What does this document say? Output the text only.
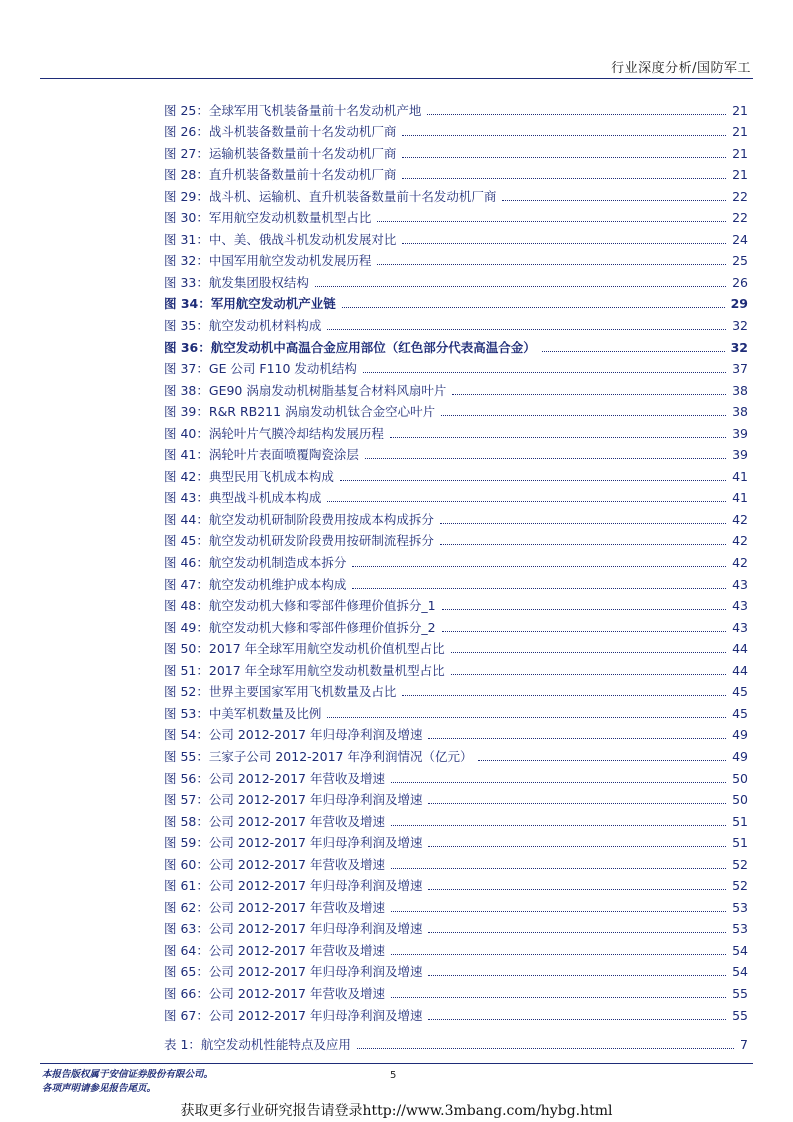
行业深度分析/国防军工
图 25：全球军用飞机装备量前十名发动机产地	21
图 26：战斗机装备数量前十名发动机厂商	21
图 27：运输机装备数量前十名发动机厂商	21
图 28：直升机装备数量前十名发动机厂商	21
图 29：战斗机、运输机、直升机装备数量前十名发动机厂商	22
图 30：军用航空发动机数量机型占比	22
图 31：中、美、俄战斗机发动机发展对比	24
图 32：中国军用航空发动机发展历程	25
图 33：航发集团股权结构	26
图 34：军用航空发动机产业链	29
图 35：航空发动机材料构成	32
图 36：航空发动机中高温合金应用部位（红色部分代表高温合金）	32
图 37：GE 公司 F110 发动机结构	37
图 38：GE90 涡扇发动机树脂基复合材料风扇叶片	38
图 39：R&R RB211 涡扇发动机钛合金空心叶片	38
图 40：涡轮叶片气膜冷却结构发展历程	39
图 41：涡轮叶片表面喷覆陶瓷涂层	39
图 42：典型民用飞机成本构成	41
图 43：典型战斗机成本构成	41
图 44：航空发动机研制阶段费用按成本构成拆分	42
图 45：航空发动机研发阶段费用按研制流程拆分	42
图 46：航空发动机制造成本拆分	42
图 47：航空发动机维护成本构成	43
图 48：航空发动机大修和零部件修理价值拆分_1	43
图 49：航空发动机大修和零部件修理价值拆分_2	43
图 50：2017 年全球军用航空发动机价值机型占比	44
图 51：2017 年全球军用航空发动机数量机型占比	44
图 52：世界主要国家军用飞机数量及占比	45
图 53：中美军机数量及比例	45
图 54：公司 2012-2017 年归母净利润及增速	49
图 55：三家子公司 2012-2017 年净利润情况（亿元）	49
图 56：公司 2012-2017 年营收及增速	50
图 57：公司 2012-2017 年归母净利润及增速	50
图 58：公司 2012-2017 年营收及增速	51
图 59：公司 2012-2017 年归母净利润及增速	51
图 60：公司 2012-2017 年营收及增速	52
图 61：公司 2012-2017 年归母净利润及增速	52
图 62：公司 2012-2017 年营收及增速	53
图 63：公司 2012-2017 年归母净利润及增速	53
图 64：公司 2012-2017 年营收及增速	54
图 65：公司 2012-2017 年归母净利润及增速	54
图 66：公司 2012-2017 年营收及增速	55
图 67：公司 2012-2017 年归母净利润及增速	55
表 1：航空发动机性能特点及应用	7
本报告版权属于安信证券股份有限公司。
各项声明请参见报告尾页。
5
获取更多行业研究报告请登录http://www.3mbang.com/hybg.html
